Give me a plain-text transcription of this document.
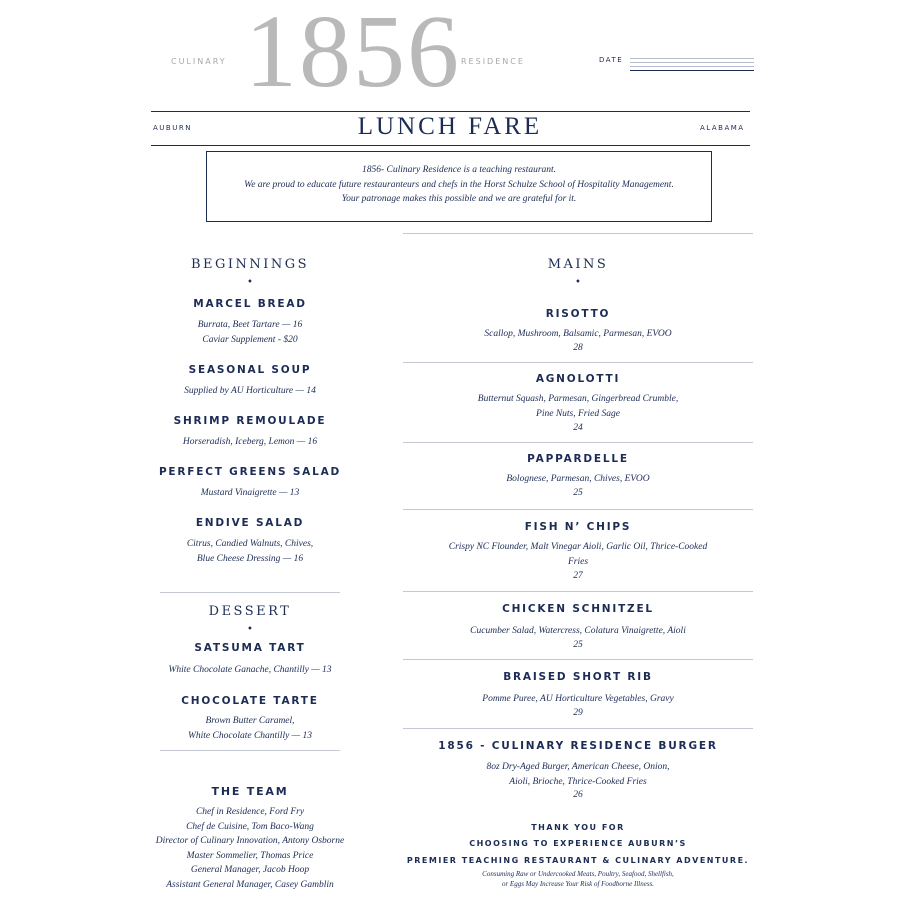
CULINARY 1856 RESIDENCE	DATE
AUBURN	LUNCH FARE	ALABAMA
1856- Culinary Residence is a teaching restaurant.
We are proud to educate future restauranteurs and chefs in the Horst Schulze School of Hospitality Management.
Your patronage makes this possible and we are grateful for it.
BEGINNINGS
•
MARCEL BREAD
Burrata, Beet Tartare — 16
Caviar Supplement - $20
SEASONAL SOUP
Supplied by AU Horticulture — 14
SHRIMP REMOULADE
Horseradish, Iceberg, Lemon — 16
PERFECT GREENS SALAD
Mustard Vinaigrette — 13
ENDIVE SALAD
Citrus, Candied Walnuts, Chives,
Blue Cheese Dressing — 16
DESSERT
•
SATSUMA TART
White Chocolate Ganache, Chantilly — 13
CHOCOLATE TARTE
Brown Butter Caramel,
White Chocolate Chantilly — 13
THE TEAM
Chef in Residence, Ford Fry
Chef de Cuisine, Tom Baco-Wang
Director of Culinary Innovation, Antony Osborne
Master Sommelier, Thomas Price
General Manager, Jacob Hoop
Assistant General Manager, Casey Gamblin
MAINS
•
RISOTTO
Scallop, Mushroom, Balsamic, Parmesan, EVOO
28
AGNOLOTTI
Butternut Squash, Parmesan, Gingerbread Crumble,
Pine Nuts, Fried Sage
24
PAPPARDELLE
Bolognese, Parmesan, Chives, EVOO
25
FISH N’ CHIPS
Crispy NC Flounder, Malt Vinegar Aioli, Garlic Oil, Thrice-Cooked
Fries
27
CHICKEN SCHNITZEL
Cucumber Salad, Watercress, Colatura Vinaigrette, Aioli
25
BRAISED SHORT RIB
Pomme Puree, AU Horticulture Vegetables, Gravy
29
1856 - CULINARY RESIDENCE BURGER
8oz Dry-Aged Burger, American Cheese, Onion,
Aioli, Brioche, Thrice-Cooked Fries
26
THANK YOU FOR
CHOOSING TO EXPERIENCE AUBURN’S
PREMIER TEACHING RESTAURANT & CULINARY ADVENTURE.
Consuming Raw or Undercooked Meats, Poultry, Seafood, Shellfish,
or Eggs May Increase Your Risk of Foodborne Illness.
